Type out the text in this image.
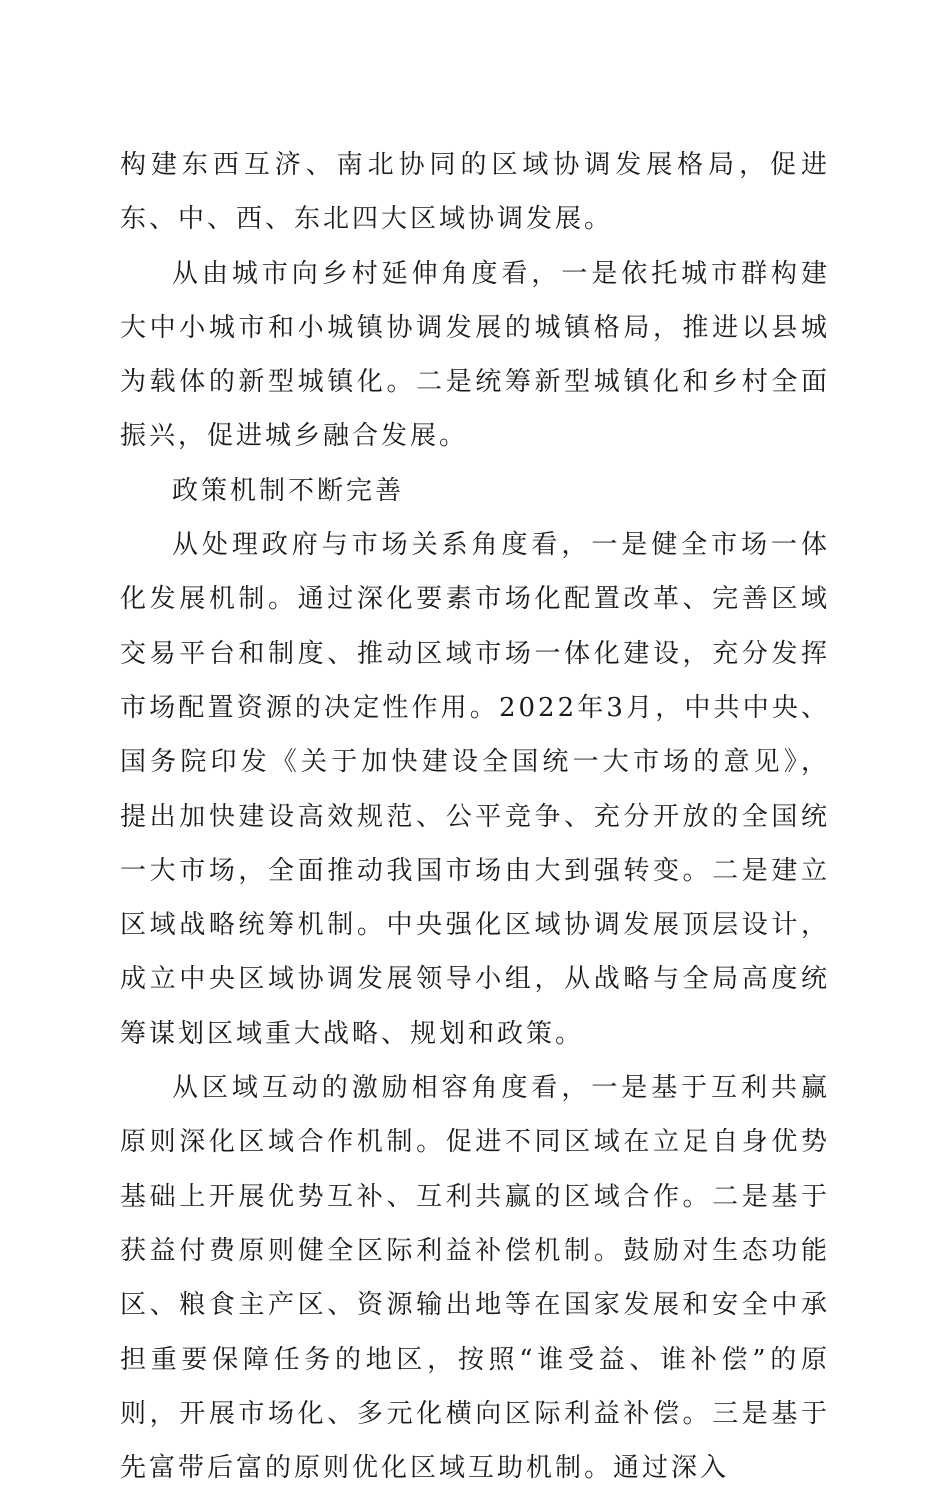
构建东西互济、南北协同的区域协调发展格局，促进东、中、西、东北四大区域协调发展。

从由城市向乡村延伸角度看，一是依托城市群构建大中小城市和小城镇协调发展的城镇格局，推进以县城为载体的新型城镇化。二是统筹新型城镇化和乡村全面振兴，促进城乡融合发展。

政策机制不断完善

从处理政府与市场关系角度看，一是健全市场一体化发展机制。通过深化要素市场化配置改革、完善区域交易平台和制度、推动区域市场一体化建设，充分发挥市场配置资源的决定性作用。2022年3月，中共中央、国务院印发《关于加快建设全国统一大市场的意见》，提出加快建设高效规范、公平竞争、充分开放的全国统一大市场，全面推动我国市场由大到强转变。二是建立区域战略统筹机制。中央强化区域协调发展顶层设计，成立中央区域协调发展领导小组，从战略与全局高度统筹谋划区域重大战略、规划和政策。

从区域互动的激励相容角度看，一是基于互利共赢原则深化区域合作机制。促进不同区域在立足自身优势基础上开展优势互补、互利共赢的区域合作。二是基于获益付费原则健全区际利益补偿机制。鼓励对生态功能区、粮食主产区、资源输出地等在国家发展和安全中承担重要保障任务的地区，按照“谁受益、谁补偿”的原则，开展市场化、多元化横向区际利益补偿。三是基于先富带后富的原则优化区域互助机制。通过深入
